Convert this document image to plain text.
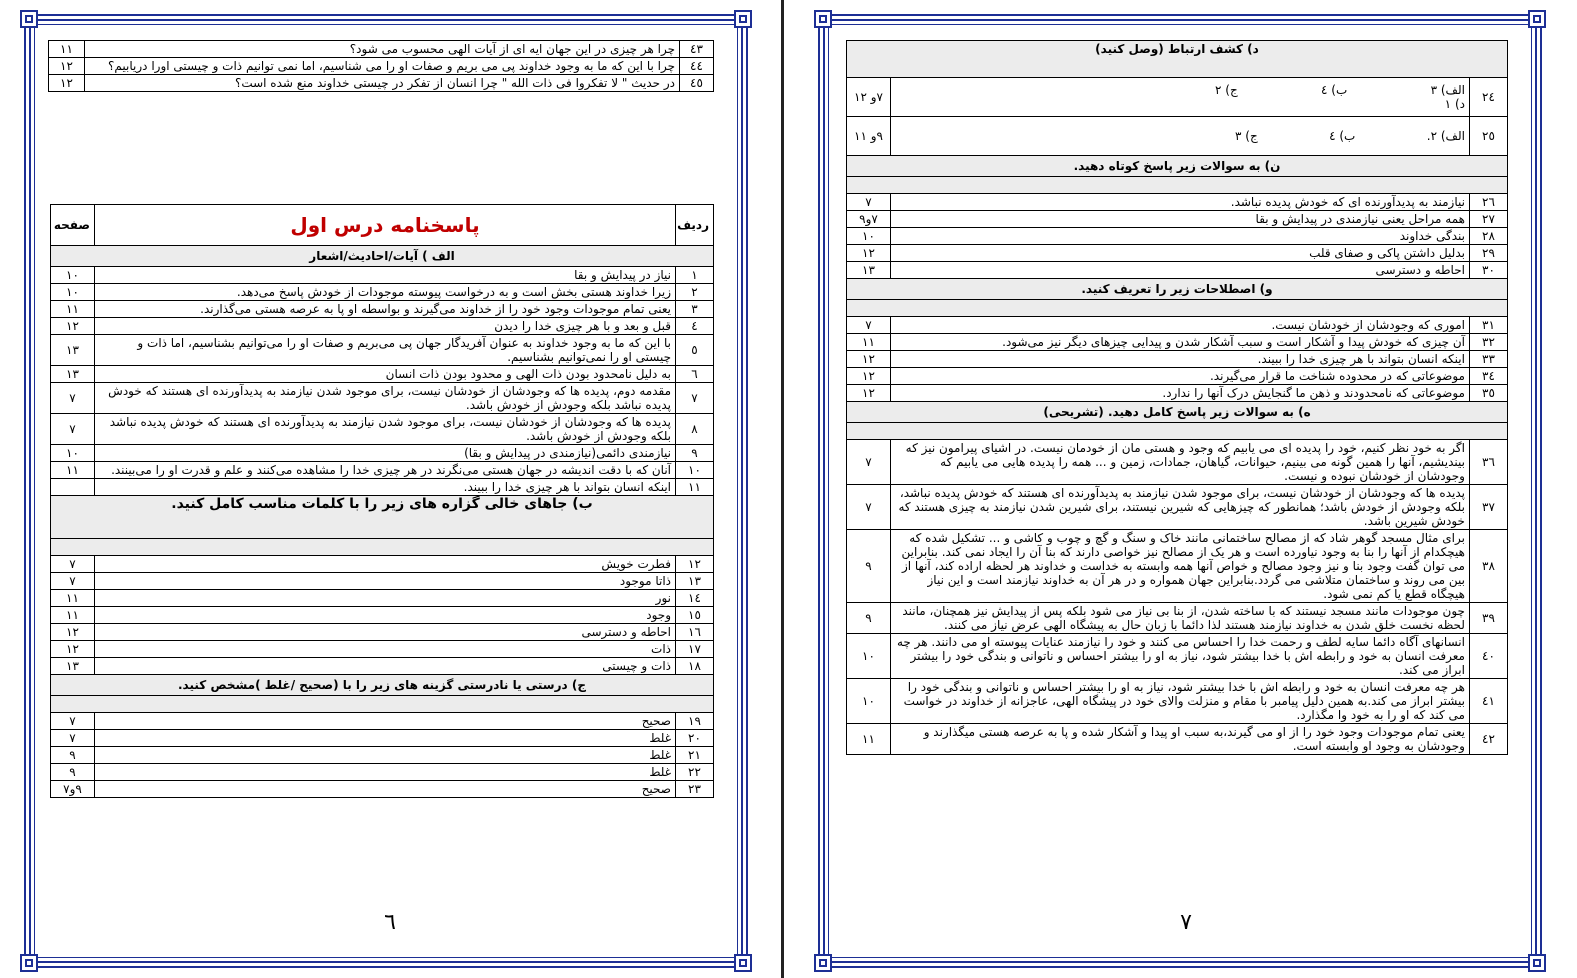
١١	چرا هر چیزی در این جهان ایه ای از آیات الهی محسوب می شود؟	٤٣
١٢	چرا با این که ما به وجود خداوند پی می بریم و صفات او را می شناسیم، اما نمی توانیم ذات و چیستی اورا دریابیم؟	٤٤
١٢	در حدیث " لا تفکروا فی ذات الله " چرا انسان از تفکر در چیستی خداوند منع شده است؟	٤٥
صفحه	پاسخنامه درس اول	ردیف
الف ) آیات/احادیث/اشعار		
١٠	نیاز در پیدایش و بقا	١
١٠	زیرا خداوند هستی بخش است و به درخواست پیوسته موجودات از خودش پاسخ می‌دهد.	٢
١١	یعنی تمام موجودات وجود خود را از خداوند می‌گیرند و بواسطه او پا به عرصه هستی می‌گذارند.	٣
١٢	قبل و بعد و با هر چیزی خدا را دیدن	٤
١٣	با این که ما به وجود خداوند به عنوان آفریدگار جهان پی می‌بریم و صفات او را می‌توانیم بشناسیم، اما ذات و چیستی او را نمی‌توانیم بشناسیم.	٥
١٣	به دلیل نامحدود بودن ذات الهی و محدود بودن ذات انسان	٦
٧	مقدمه دوم، پدیده ها که وجودشان از خودشان نیست، برای موجود شدن نیازمند به پدیدآورنده ای هستند که خودش پدیده نباشد بلکه وجودش از خودش باشد.	٧
٧	پدیده ها که وجودشان از خودشان نیست، برای موجود شدن نیازمند به پدیدآورنده ای هستند که خودش پدیده نباشد بلکه وجودش از خودش باشد.	٨
١٠	نیازمندی دائمی(نیازمندی در پیدایش و بقا)	٩
١١	آنان که با دقت اندیشه در جهان هستی می‌نگرند در هر چیزی خدا را مشاهده می‌کنند و علم و قدرت او را می‌بینند.	١٠
	اینکه انسان بتواند با هر چیزی خدا را ببیند.	١١
ب) جاهای خالی گزاره های زیر را با کلمات مناسب کامل کنید.		

٧	فطرت خویش	١٢
٧	ذاتا موجود	١٣
١١	نور	١٤
١١	وجود	١٥
١٢	احاطه و دسترسی	١٦
١٢	ذات	١٧
١٣	ذات و چیستی	١٨
ج) درستی یا نادرستی گزینه های زیر را با (صحیح /غلط )مشخص کنید.		

٧	صحیح	١٩
٧	غلط	٢٠
٩	غلط	٢١
٩	غلط	٢٢
٩و٧	صحیح	٢٣
٦
د) کشف ارتباط (وصل کنید)		
٧و ١٢	الف) ٣
ب) ٤
ج) ٢
د) ١	٢٤
٩و ١١	الف) ٢.
ب) ٤
ج) ٣	٢٥
ن) به سوالات زیر پاسخ کوتاه دهید.		

٧	نیازمند به پدیدآورنده ای که خودش پدیده نباشد.	٢٦
٧و٩	همه مراحل یعنی نیازمندی در پیدایش و بقا	٢٧
١٠	بندگی خداوند	٢٨
١٢	بدلیل داشتن پاکی و صفای قلب	٢٩
١٣	احاطه و دسترسی	٣٠
و) اصطلاحات زیر را تعریف کنید.		

٧	اموری که وجودشان از خودشان نیست.	٣١
١١	آن چیزی که خودش پیدا و آشکار است و سبب آشکار شدن و پیدایی چیزهای دیگر نیز می‌شود.	٣٢
١٢	اینکه انسان بتواند با هر چیزی خدا را ببیند.	٣٣
١٢	موضوعاتی که در محدوده شناخت ما قرار می‌گیرند.	٣٤
١٢	موضوعاتی که نامحدودند و ذهن ما گنجایش درک آنها را ندارد.	٣٥
ه) به سوالات زیر پاسخ کامل دهید. (تشریحی)		

٧	اگر به خود نظر کنیم، خود را پدیده ای می یابیم که وجود و هستی مان از خودمان نیست. در اشیای پیرامون نیز که بیندیشیم، آنها را همین گونه می بینیم، حیوانات، گیاهان، جمادات، زمین و ... همه را پدیده هایی می یابیم که وجودشان از خودشان نبوده و نیست.	٣٦
٧	پدیده ها که وجودشان از خودشان نیست، برای موجود شدن نیازمند به پدیدآورنده ای هستند که خودش پدیده نباشد، بلکه وجودش از خودش باشد؛ همانطور که چیزهایی که شیرین نیستند، برای شیرین شدن نیازمند به چیزی هستند که خودش شیرین باشد.	٣٧
٩	برای مثال مسجد گوهر شاد که از مصالح ساختمانی مانند خاک و سنگ و گچ و چوب و کاشی و ... تشکیل شده که هیچکدام از آنها را بنا به وجود نیاورده است و هر یک از مصالح نیز خواصی دارند که بنا آن را ایجاد نمی کند. بنابراین می توان گفت وجود بنا و نیز وجود مصالح و خواص آنها همه وابسته به خداست و خداوند هر لحظه اراده کند، آنها از بین می روند و ساختمان متلاشی می گردد.بنابراین جهان همواره و در هر آن به خداوند نیازمند است و این نیاز هیچگاه قطع یا کم نمی شود.	٣٨
٩	چون موجودات مانند مسجد نیستند که با ساخته شدن، از بنا بی نیاز می شود بلکه پس از پیدایش نیز همچنان، مانند لحظه نخست خلق شدن به خداوند نیازمند هستند لذا دائما با زبان حال به پیشگاه الهی عرض نیاز می کنند.	٣٩
١٠	انسانهای آگاه دائما سایه لطف و رحمت خدا را احساس می کنند و خود را نیازمند عنایات پیوسته او می دانند. هر چه معرفت انسان به خود و رابطه اش با خدا بیشتر شود، نیاز به او را بیشتر احساس و ناتوانی و بندگی خود را بیشتر ابراز می کند.	٤٠
١٠	هر چه معرفت انسان به خود و رابطه اش با خدا بیشتر شود، نیاز به او را بیشتر احساس و ناتوانی و بندگی خود را بیشتر ابراز می کند.به همین دلیل پیامبر با مقام و منزلت والای خود در پیشگاه الهی، عاجزانه از خداوند در خواست می کند که او را به خود وا مگذارد.	٤١
١١	یعنی تمام موجودات وجود خود را از او می گیرند،به سبب او پیدا و آشکار شده و پا به عرصه هستی میگذارند و وجودشان به وجود او وابسته است.	٤٢
٧
